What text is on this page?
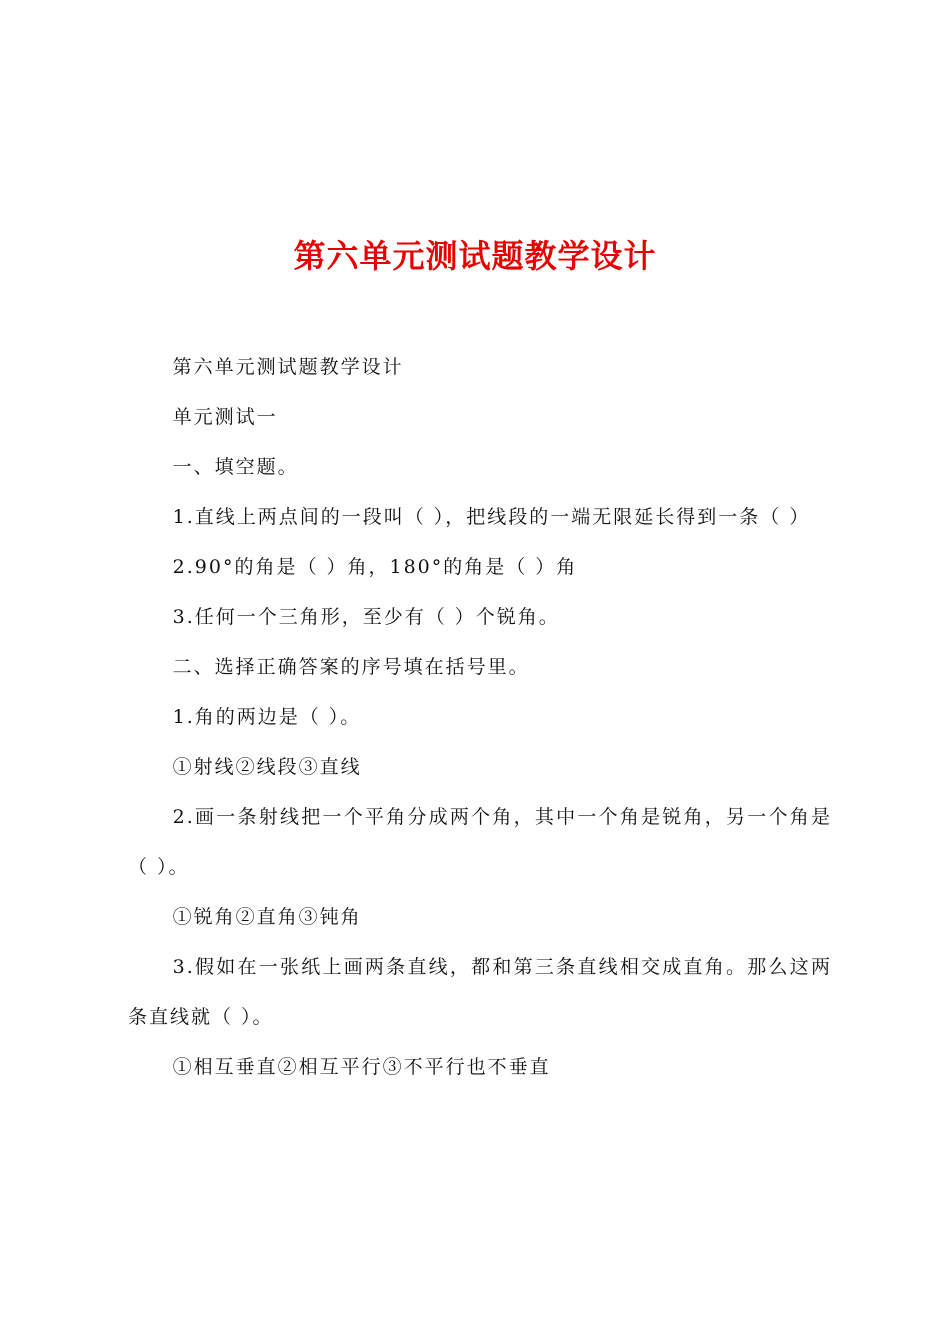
第六单元测试题教学设计

第六单元测试题教学设计

单元测试一

一、填空题。

1.直线上两点间的一段叫（ ），把线段的一端无限延长得到一条（ ）

2.90°的角是（ ）角，180°的角是（ ）角

3.任何一个三角形，至少有（ ）个锐角。

二、选择正确答案的序号填在括号里。

1.角的两边是（ ）。

①射线②线段③直线

2.画一条射线把一个平角分成两个角，其中一个角是锐角，另一个角是（ ）。

①锐角②直角③钝角

3.假如在一张纸上画两条直线，都和第三条直线相交成直角。那么这两条直线就（ ）。

①相互垂直②相互平行③不平行也不垂直
